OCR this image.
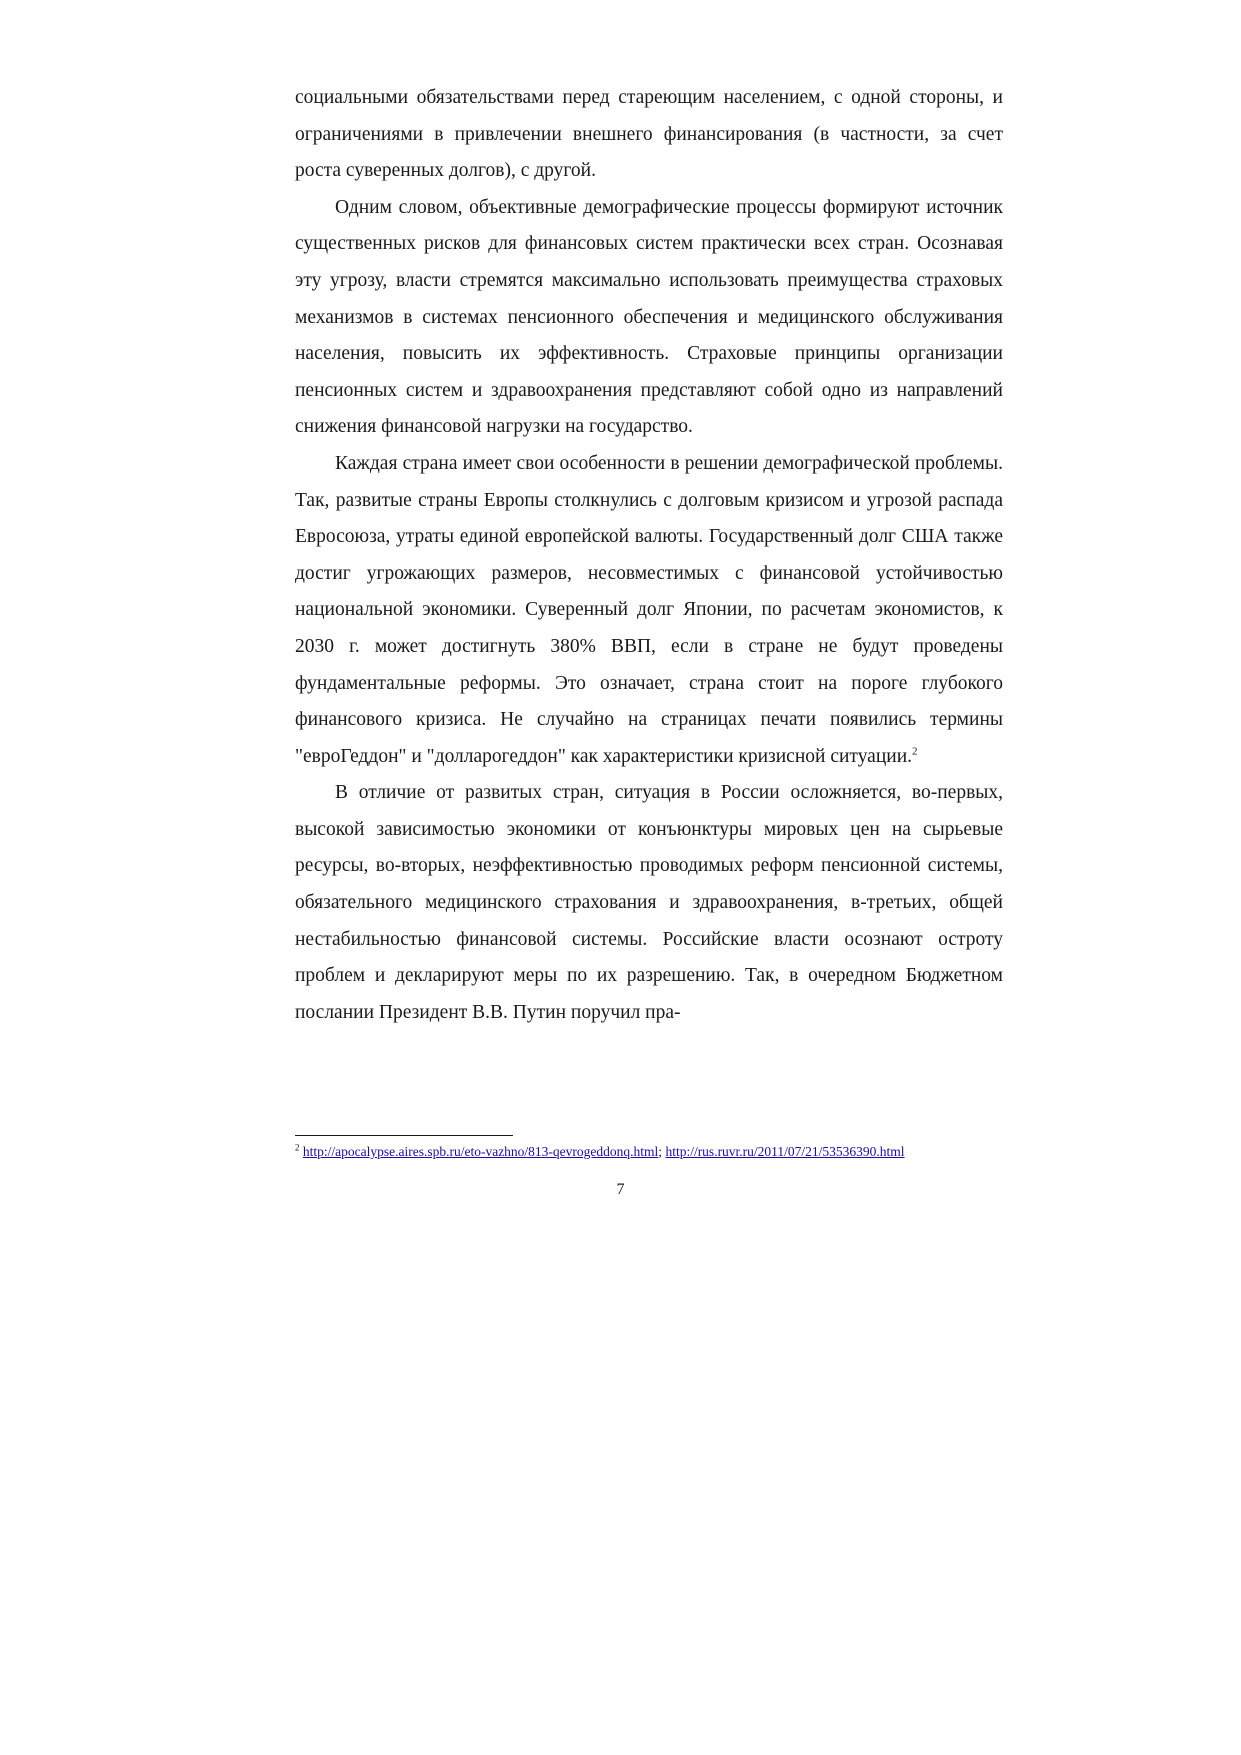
социальными обязательствами перед стареющим населением, с одной стороны, и ограничениями в привлечении внешнего финансирования (в частности, за счет роста суверенных долгов), с другой.

Одним словом, объективные демографические процессы формируют источник существенных рисков для финансовых систем практически всех стран. Осознавая эту угрозу, власти стремятся максимально использовать преимущества страховых механизмов в системах пенсионного обеспечения и медицинского обслуживания населения, повысить их эффективность. Страховые принципы организации пенсионных систем и здравоохранения представляют собой одно из направлений снижения финансовой нагрузки на государство.

Каждая страна имеет свои особенности в решении демографической проблемы. Так, развитые страны Европы столкнулись с долговым кризисом и угрозой распада Евросоюза, утраты единой европейской валюты. Государственный долг США также достиг угрожающих размеров, несовместимых с финансовой устойчивостью национальной экономики. Суверенный долг Японии, по расчетам экономистов, к 2030 г. может достигнуть 380% ВВП, если в стране не будут проведены фундаментальные реформы. Это означает, страна стоит на пороге глубокого финансового кризиса. Не случайно на страницах печати появились термины "евроГеддон" и "долларогеддон" как характеристики кризисной ситуации.$^2$

В отличие от развитых стран, ситуация в России осложняется, во-первых, высокой зависимостью экономики от конъюнктуры мировых цен на сырьевые ресурсы, во-вторых, неэффективностью проводимых реформ пенсионной системы, обязательного медицинского страхования и здравоохранения, в-третьих, общей нестабильностью финансовой системы. Российские власти осознают остроту проблем и декларируют меры по их разрешению. Так, в очередном Бюджетном послании Президент В.В. Путин поручил пра-

$^2$ http://apocalypse.aires.spb.ru/eto-vazhno/813-qevrogeddonq.html; http://rus.ruvr.ru/2011/07/21/53536390.html
7
